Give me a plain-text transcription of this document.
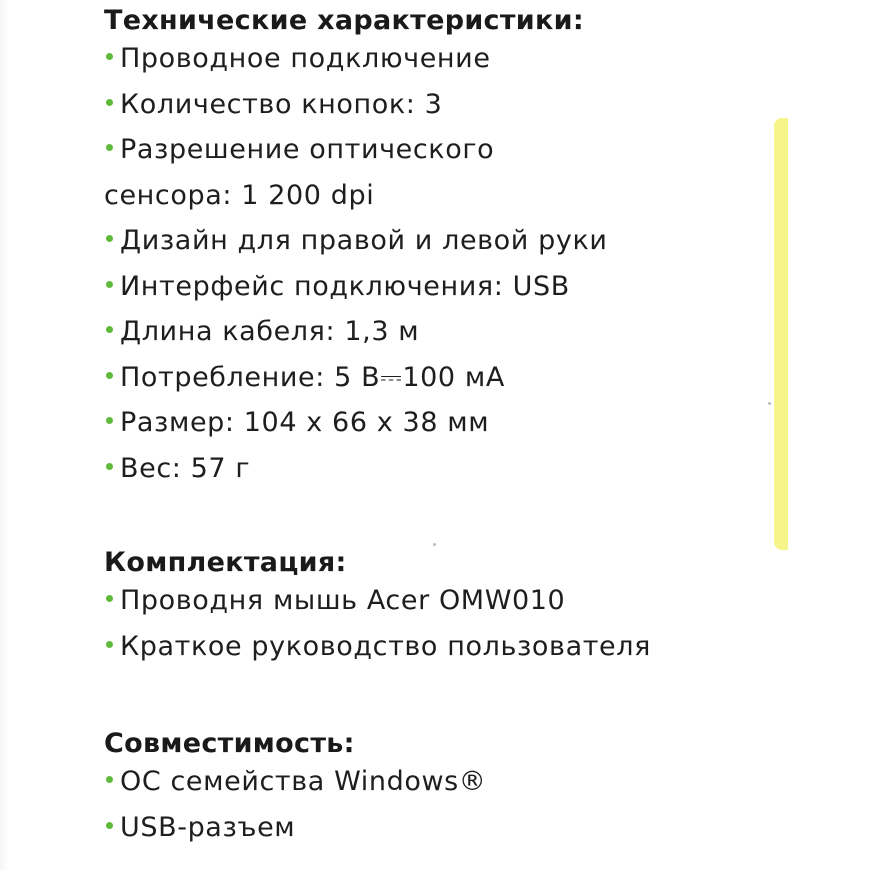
Технические характеристики:
Проводное подключение
Количество кнопок: 3
Разрешение оптического
сенсора: 1 200 dpi
Дизайн для правой и левой руки
Интерфейс подключения: USB
Длина кабеля: 1,3 м
Потребление: 5 В⎓100 мА
Размер: 104 x 66 x 38 мм
Вес: 57 г
Комплектация:
Проводня мышь Acer OMW010
Краткое руководство пользователя
Совместимость:
ОС семейства Windows®
USB-разъем
